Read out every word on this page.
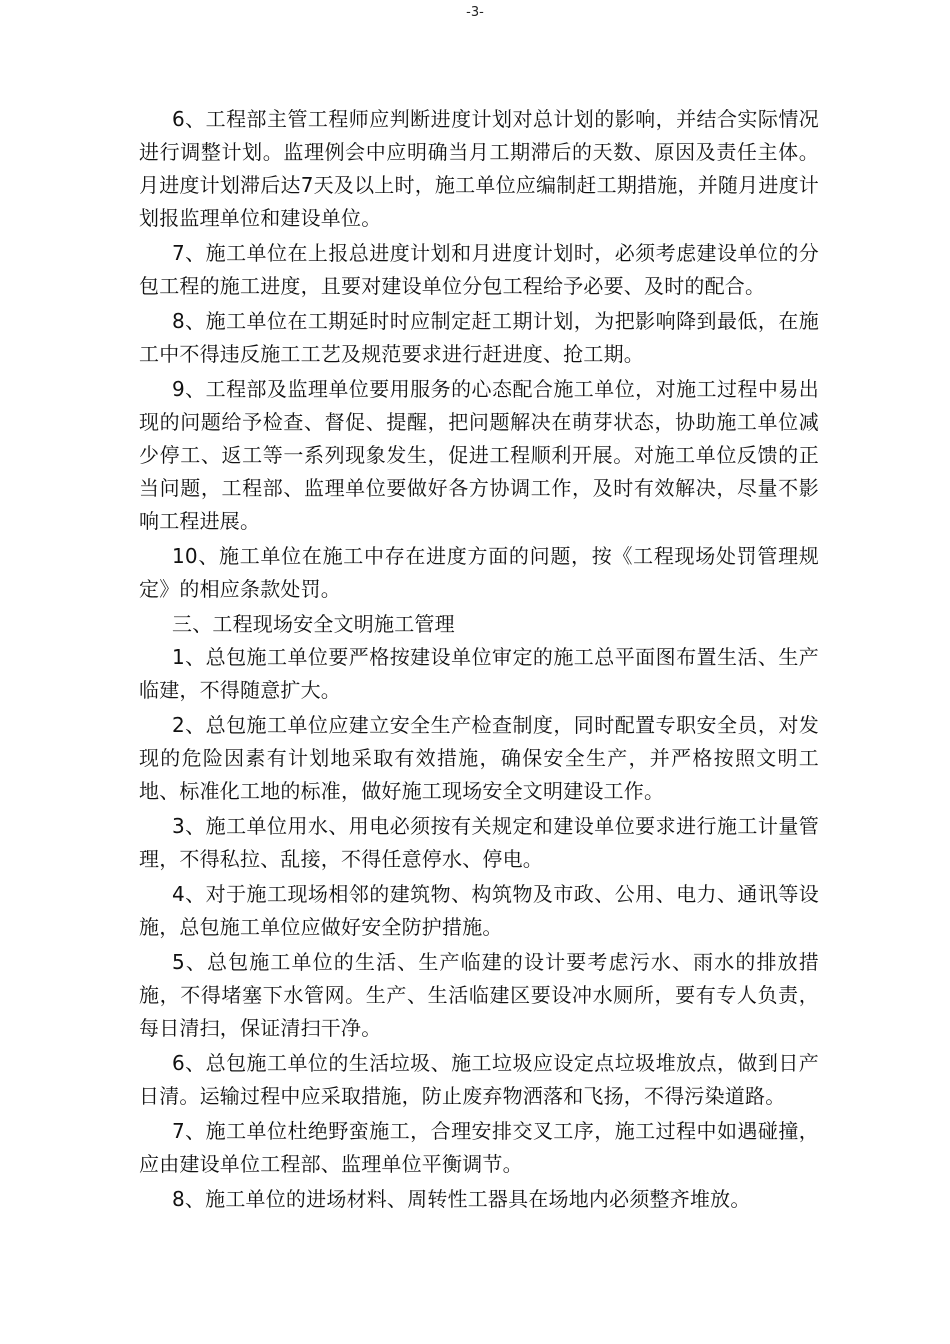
-3-

6、工程部主管工程师应判断进度计划对总计划的影响，并结合实际情况进行调整计划。监理例会中应明确当月工期滞后的天数、原因及责任主体。月进度计划滞后达7天及以上时，施工单位应编制赶工期措施，并随月进度计划报监理单位和建设单位。

7、施工单位在上报总进度计划和月进度计划时，必须考虑建设单位的分包工程的施工进度，且要对建设单位分包工程给予必要、及时的配合。

8、施工单位在工期延时时应制定赶工期计划，为把影响降到最低，在施工中不得违反施工工艺及规范要求进行赶进度、抢工期。

9、工程部及监理单位要用服务的心态配合施工单位，对施工过程中易出现的问题给予检查、督促、提醒，把问题解决在萌芽状态，协助施工单位减少停工、返工等一系列现象发生，促进工程顺利开展。对施工单位反馈的正当问题，工程部、监理单位要做好各方协调工作，及时有效解决，尽量不影响工程进展。

10、施工单位在施工中存在进度方面的问题，按《工程现场处罚管理规定》的相应条款处罚。

三、工程现场安全文明施工管理

1、总包施工单位要严格按建设单位审定的施工总平面图布置生活、生产临建，不得随意扩大。

2、总包施工单位应建立安全生产检查制度，同时配置专职安全员，对发现的危险因素有计划地采取有效措施，确保安全生产，并严格按照文明工地、标准化工地的标准，做好施工现场安全文明建设工作。

3、施工单位用水、用电必须按有关规定和建设单位要求进行施工计量管理，不得私拉、乱接，不得任意停水、停电。

4、对于施工现场相邻的建筑物、构筑物及市政、公用、电力、通讯等设施，总包施工单位应做好安全防护措施。

5、总包施工单位的生活、生产临建的设计要考虑污水、雨水的排放措施，不得堵塞下水管网。生产、生活临建区要设冲水厕所，要有专人负责，每日清扫，保证清扫干净。

6、总包施工单位的生活垃圾、施工垃圾应设定点垃圾堆放点，做到日产日清。运输过程中应采取措施，防止废弃物洒落和飞扬，不得污染道路。

7、施工单位杜绝野蛮施工，合理安排交叉工序，施工过程中如遇碰撞，应由建设单位工程部、监理单位平衡调节。

8、施工单位的进场材料、周转性工器具在场地内必须整齐堆放。
